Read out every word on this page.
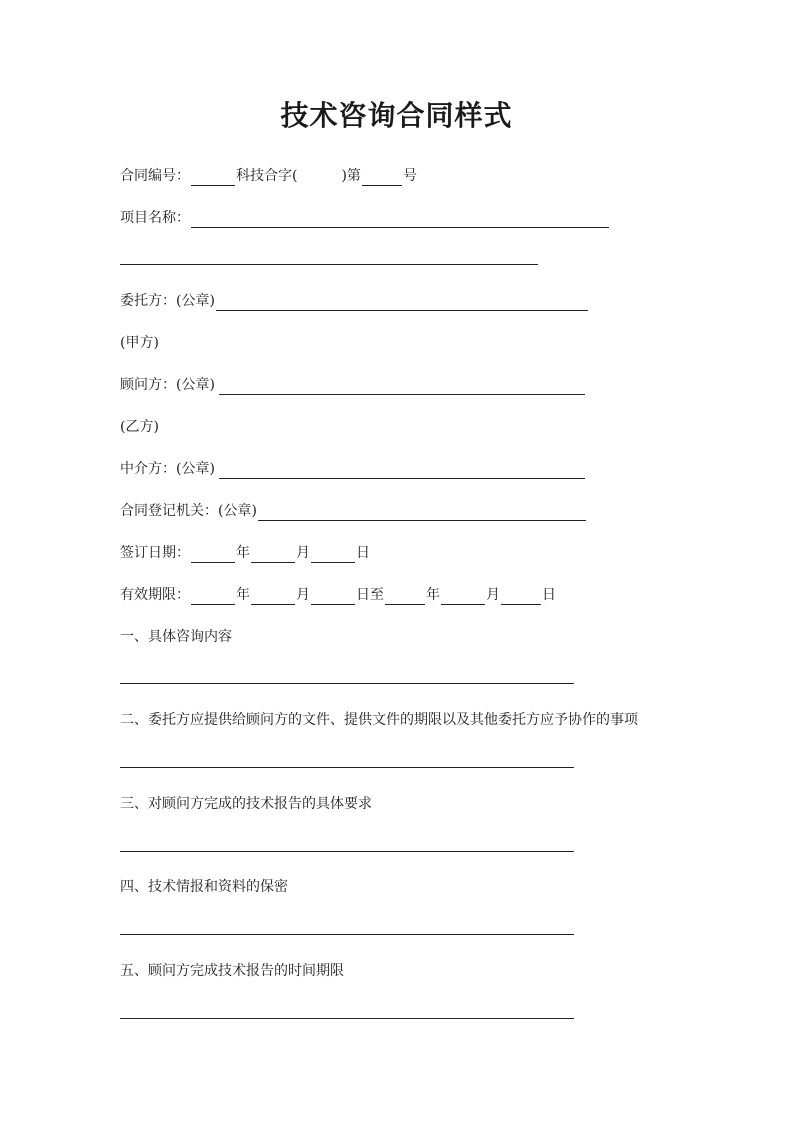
技术咨询合同样式
合同编号：	科技合字(	)第	号
项目名称：
委托方：(公章)
(甲方)
顾问方：(公章)
(乙方)
中介方：(公章)
合同登记机关：(公章)
签订日期：	年	月	日
有效期限：	年	月	日至	年	月	日
一、具体咨询内容
二、委托方应提供给顾问方的文件、提供文件的期限以及其他委托方应予协作的事项
三、对顾问方完成的技术报告的具体要求
四、技术情报和资料的保密
五、顾问方完成技术报告的时间期限
